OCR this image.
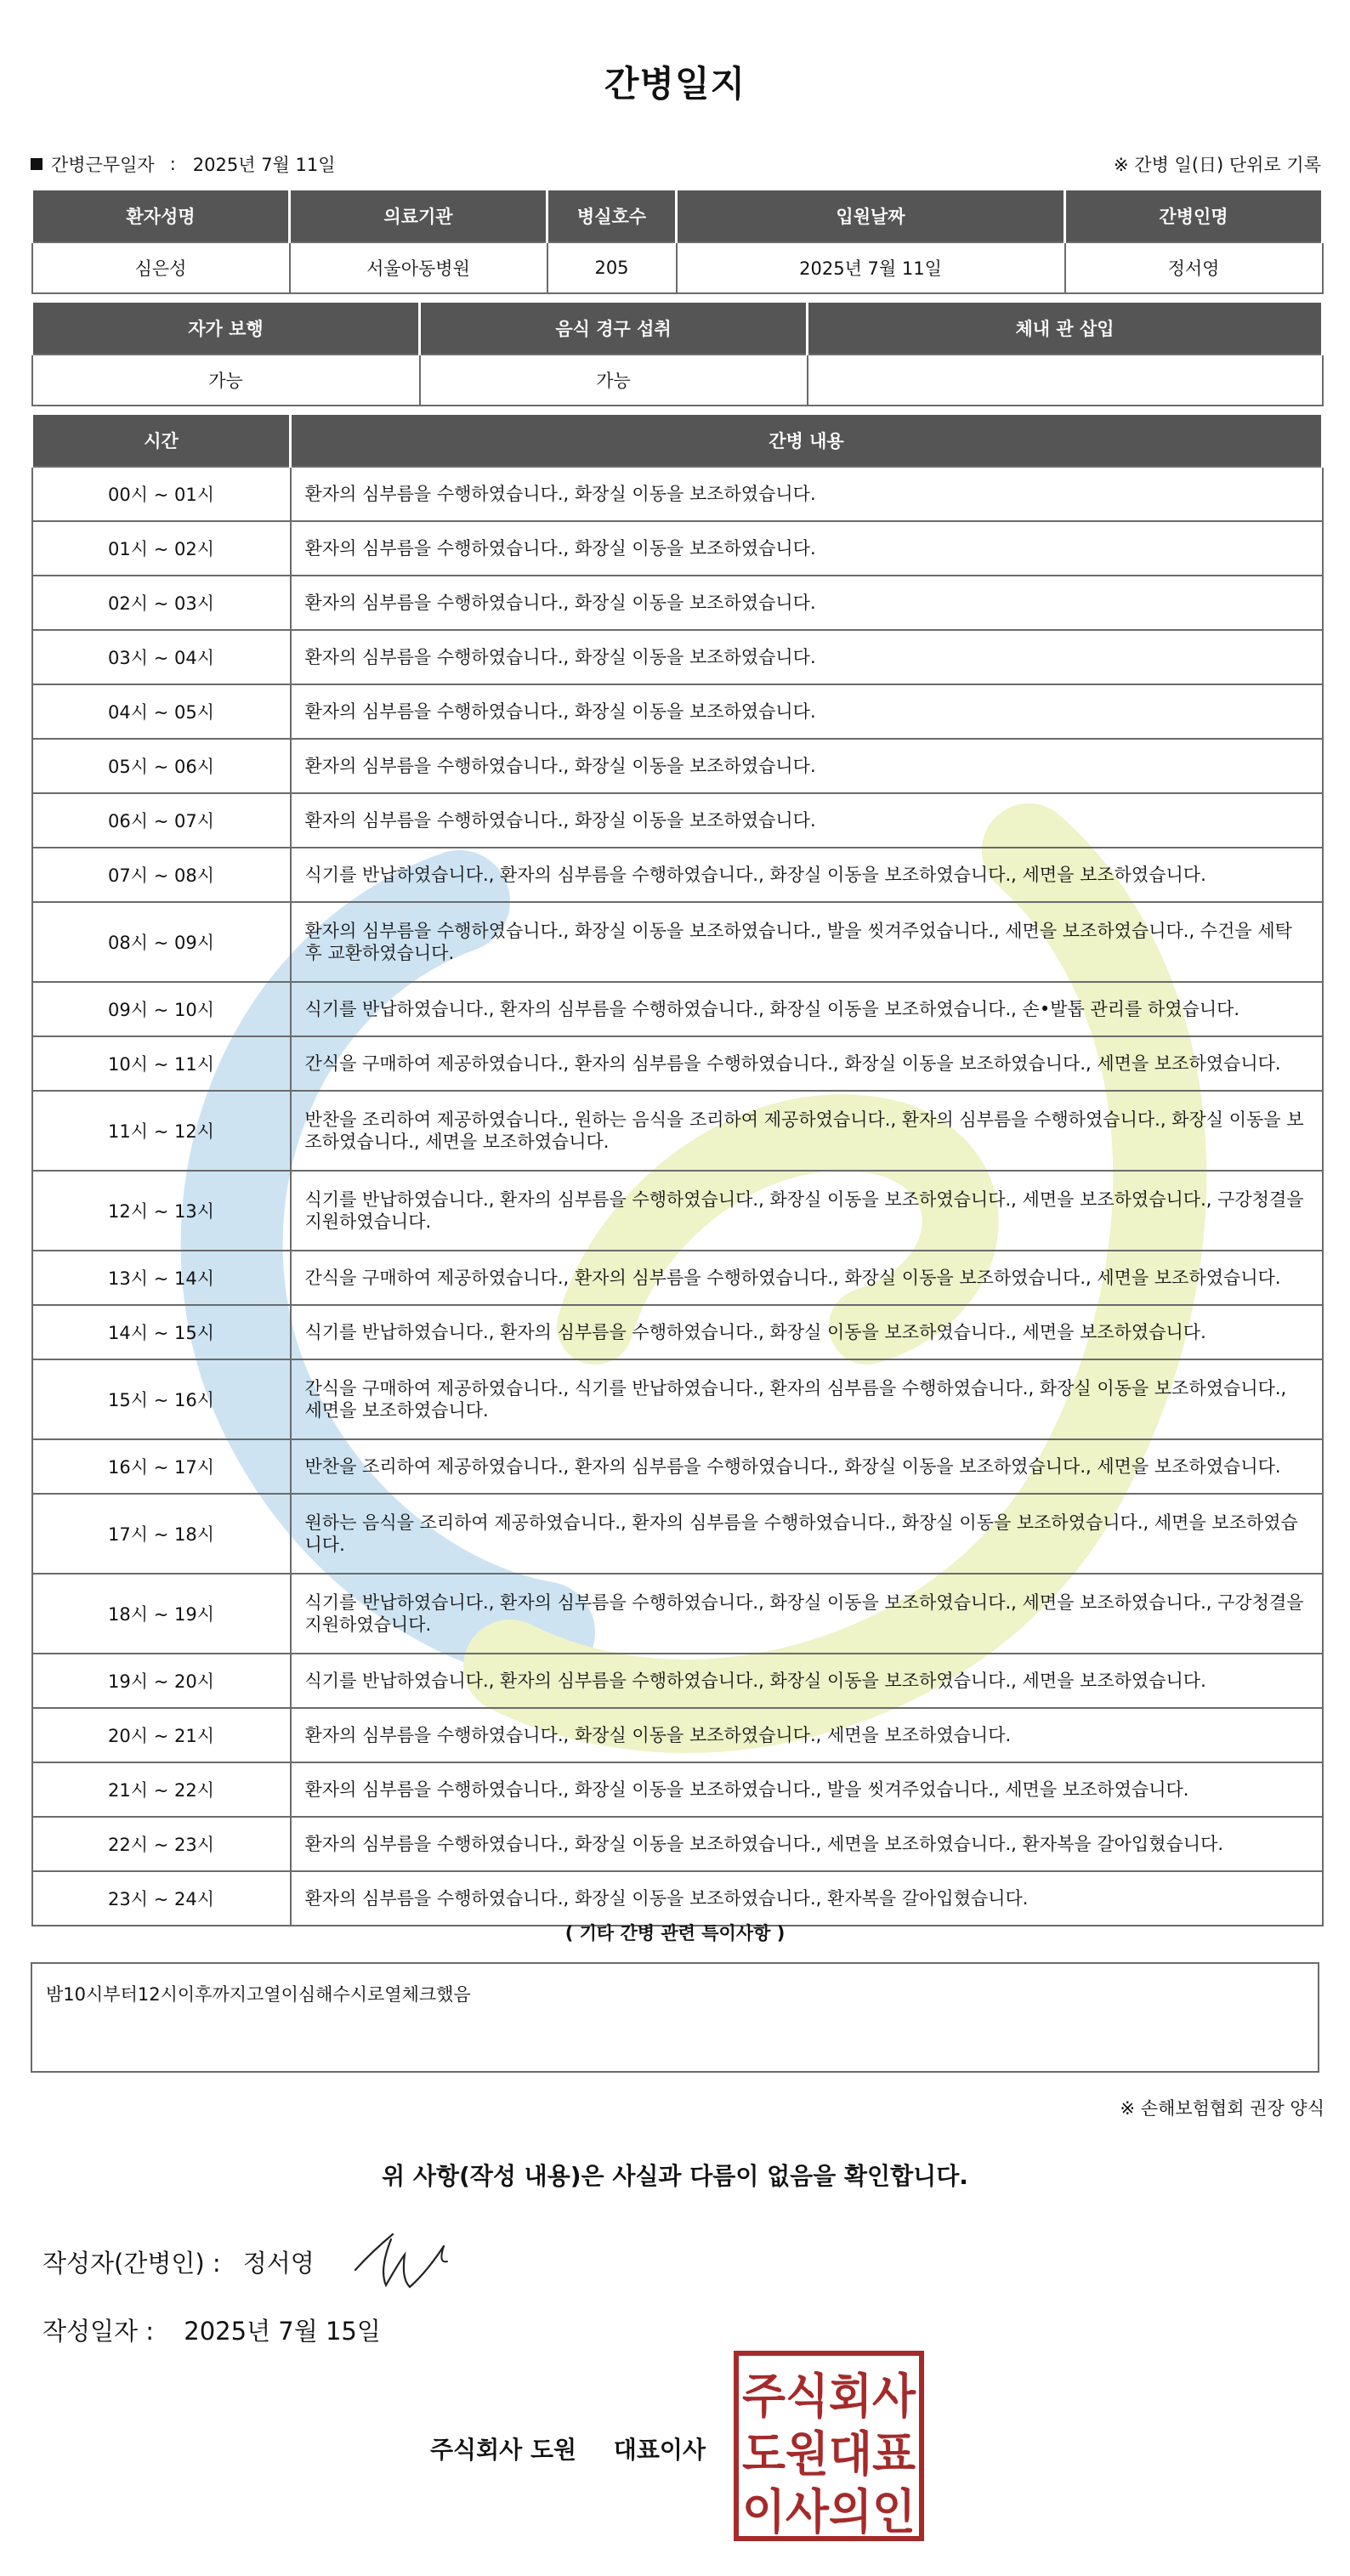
간병일지
간병근무일자 : 2025년 7월 11일	※ 간병 일(日) 단위로 기록
환자성명	의료기관	병실호수	입원날짜	간병인명
심은성	서울아동병원	205	2025년 7월 11일	정서영
자가 보행	음식 경구 섭취	체내 관 삽입
가능	가능	
시간	간병 내용
00시 ~ 01시	환자의 심부름을 수행하였습니다., 화장실 이동을 보조하였습니다.
01시 ~ 02시	환자의 심부름을 수행하였습니다., 화장실 이동을 보조하였습니다.
02시 ~ 03시	환자의 심부름을 수행하였습니다., 화장실 이동을 보조하였습니다.
03시 ~ 04시	환자의 심부름을 수행하였습니다., 화장실 이동을 보조하였습니다.
04시 ~ 05시	환자의 심부름을 수행하였습니다., 화장실 이동을 보조하였습니다.
05시 ~ 06시	환자의 심부름을 수행하였습니다., 화장실 이동을 보조하였습니다.
06시 ~ 07시	환자의 심부름을 수행하였습니다., 화장실 이동을 보조하였습니다.
07시 ~ 08시	식기를 반납하였습니다., 환자의 심부름을 수행하였습니다., 화장실 이동을 보조하였습니다., 세면을 보조하였습니다.
08시 ~ 09시	환자의 심부름을 수행하였습니다., 화장실 이동을 보조하였습니다., 발을 씻겨주었습니다., 세면을 보조하였습니다., 수건을 세탁 후 교환하였습니다.
09시 ~ 10시	식기를 반납하였습니다., 환자의 심부름을 수행하였습니다., 화장실 이동을 보조하였습니다., 손•발톱 관리를 하였습니다.
10시 ~ 11시	간식을 구매하여 제공하였습니다., 환자의 심부름을 수행하였습니다., 화장실 이동을 보조하였습니다., 세면을 보조하였습니다.
11시 ~ 12시	반찬을 조리하여 제공하였습니다., 원하는 음식을 조리하여 제공하였습니다., 환자의 심부름을 수행하였습니다., 화장실 이동을 보조하였습니다., 세면을 보조하였습니다.
12시 ~ 13시	식기를 반납하였습니다., 환자의 심부름을 수행하였습니다., 화장실 이동을 보조하였습니다., 세면을 보조하였습니다., 구강청결을 지원하였습니다.
13시 ~ 14시	간식을 구매하여 제공하였습니다., 환자의 심부름을 수행하였습니다., 화장실 이동을 보조하였습니다., 세면을 보조하였습니다.
14시 ~ 15시	식기를 반납하였습니다., 환자의 심부름을 수행하였습니다., 화장실 이동을 보조하였습니다., 세면을 보조하였습니다.
15시 ~ 16시	간식을 구매하여 제공하였습니다., 식기를 반납하였습니다., 환자의 심부름을 수행하였습니다., 화장실 이동을 보조하였습니다., 세면을 보조하였습니다.
16시 ~ 17시	반찬을 조리하여 제공하였습니다., 환자의 심부름을 수행하였습니다., 화장실 이동을 보조하였습니다., 세면을 보조하였습니다.
17시 ~ 18시	원하는 음식을 조리하여 제공하였습니다., 환자의 심부름을 수행하였습니다., 화장실 이동을 보조하였습니다., 세면을 보조하였습니다.
18시 ~ 19시	식기를 반납하였습니다., 환자의 심부름을 수행하였습니다., 화장실 이동을 보조하였습니다., 세면을 보조하였습니다., 구강청결을 지원하였습니다.
19시 ~ 20시	식기를 반납하였습니다., 환자의 심부름을 수행하였습니다., 화장실 이동을 보조하였습니다., 세면을 보조하였습니다.
20시 ~ 21시	환자의 심부름을 수행하였습니다., 화장실 이동을 보조하였습니다., 세면을 보조하였습니다.
21시 ~ 22시	환자의 심부름을 수행하였습니다., 화장실 이동을 보조하였습니다., 발을 씻겨주었습니다., 세면을 보조하였습니다.
22시 ~ 23시	환자의 심부름을 수행하였습니다., 화장실 이동을 보조하였습니다., 세면을 보조하였습니다., 환자복을 갈아입혔습니다.
23시 ~ 24시	환자의 심부름을 수행하였습니다., 화장실 이동을 보조하였습니다., 환자복을 갈아입혔습니다.
( 기타 간병 관련 특이사항 )
밤10시부터12시이후까지고열이심해수시로열체크했음
※ 손해보험협회 권장 양식
위 사항(작성 내용)은 사실과 다름이 없음을 확인합니다.
작성자(간병인) : 정서영
작성일자 : 2025년 7월 15일
주식회사 도원 대표이사
주식회사
도원대표
이사의인
